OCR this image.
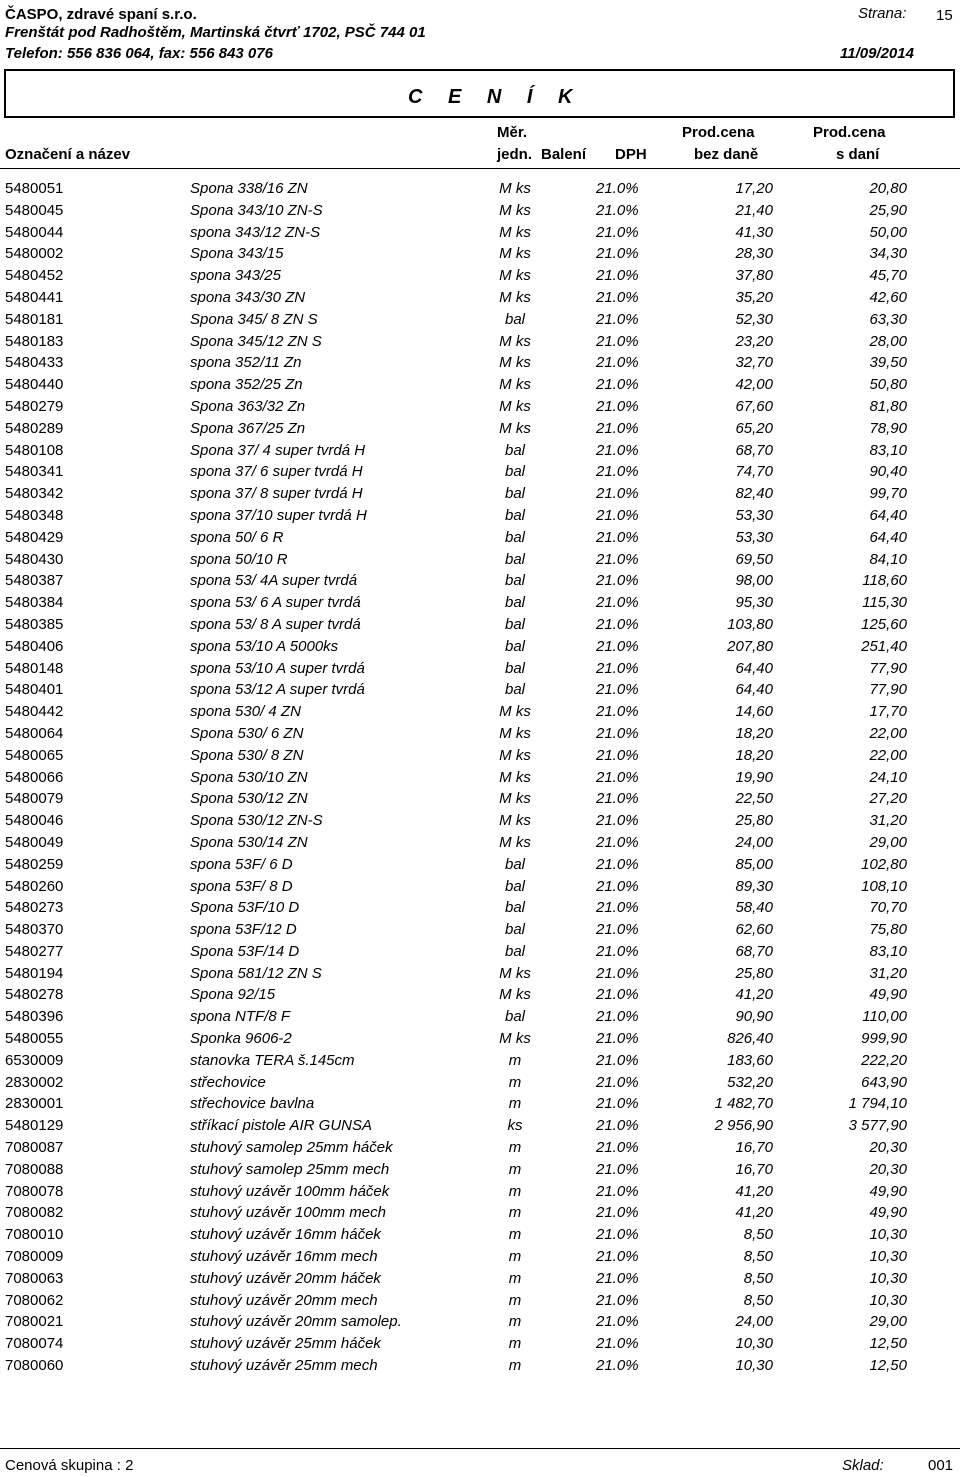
ČASPO, zdravé spaní s.r.o.
Frenštát pod Radhoštěm, Martinská čtvrť 1702, PSČ 744 01
Telefon: 556 836 064, fax: 556 843 076
Strana: 15
11/09/2014
C E N Í K
Označení a název
Měr.
jedn. Balení DPH
Prod.cena
bez daně
Prod.cena
s daní
5480051	Spona 338/16 ZN	M ks	21.0%	17,20	20,80
5480045	Spona 343/10 ZN-S	M ks	21.0%	21,40	25,90
5480044	spona 343/12 ZN-S	M ks	21.0%	41,30	50,00
5480002	Spona 343/15	M ks	21.0%	28,30	34,30
5480452	spona 343/25	M ks	21.0%	37,80	45,70
5480441	spona 343/30 ZN	M ks	21.0%	35,20	42,60
5480181	Spona 345/ 8 ZN S	bal	21.0%	52,30	63,30
5480183	Spona 345/12 ZN S	M ks	21.0%	23,20	28,00
5480433	spona 352/11 Zn	M ks	21.0%	32,70	39,50
5480440	spona 352/25 Zn	M ks	21.0%	42,00	50,80
5480279	Spona 363/32 Zn	M ks	21.0%	67,60	81,80
5480289	Spona 367/25 Zn	M ks	21.0%	65,20	78,90
5480108	Spona 37/ 4 super tvrdá H	bal	21.0%	68,70	83,10
5480341	spona 37/ 6 super tvrdá H	bal	21.0%	74,70	90,40
5480342	spona 37/ 8 super tvrdá H	bal	21.0%	82,40	99,70
5480348	spona 37/10 super tvrdá H	bal	21.0%	53,30	64,40
5480429	spona 50/ 6 R	bal	21.0%	53,30	64,40
5480430	spona 50/10 R	bal	21.0%	69,50	84,10
5480387	spona 53/ 4A super tvrdá	bal	21.0%	98,00	118,60
5480384	spona 53/ 6 A super tvrdá	bal	21.0%	95,30	115,30
5480385	spona 53/ 8 A super tvrdá	bal	21.0%	103,80	125,60
5480406	spona 53/10 A 5000ks	bal	21.0%	207,80	251,40
5480148	spona 53/10 A super tvrdá	bal	21.0%	64,40	77,90
5480401	spona 53/12 A super tvrdá	bal	21.0%	64,40	77,90
5480442	spona 530/ 4 ZN	M ks	21.0%	14,60	17,70
5480064	Spona 530/ 6 ZN	M ks	21.0%	18,20	22,00
5480065	Spona 530/ 8 ZN	M ks	21.0%	18,20	22,00
5480066	Spona 530/10 ZN	M ks	21.0%	19,90	24,10
5480079	Spona 530/12 ZN	M ks	21.0%	22,50	27,20
5480046	Spona 530/12 ZN-S	M ks	21.0%	25,80	31,20
5480049	Spona 530/14 ZN	M ks	21.0%	24,00	29,00
5480259	spona 53F/ 6 D	bal	21.0%	85,00	102,80
5480260	spona 53F/ 8 D	bal	21.0%	89,30	108,10
5480273	Spona 53F/10 D	bal	21.0%	58,40	70,70
5480370	spona 53F/12 D	bal	21.0%	62,60	75,80
5480277	Spona 53F/14 D	bal	21.0%	68,70	83,10
5480194	Spona 581/12 ZN S	M ks	21.0%	25,80	31,20
5480278	Spona 92/15	M ks	21.0%	41,20	49,90
5480396	spona NTF/8 F	bal	21.0%	90,90	110,00
5480055	Sponka 9606-2	M ks	21.0%	826,40	999,90
6530009	stanovka TERA š.145cm	m	21.0%	183,60	222,20
2830002	střechovice	m	21.0%	532,20	643,90
2830001	střechovice bavlna	m	21.0%	1 482,70	1 794,10
5480129	stříkací pistole AIR GUNSA	ks	21.0%	2 956,90	3 577,90
7080087	stuhový samolep 25mm háček	m	21.0%	16,70	20,30
7080088	stuhový samolep 25mm mech	m	21.0%	16,70	20,30
7080078	stuhový uzávěr 100mm háček	m	21.0%	41,20	49,90
7080082	stuhový uzávěr 100mm mech	m	21.0%	41,20	49,90
7080010	stuhový uzávěr 16mm háček	m	21.0%	8,50	10,30
7080009	stuhový uzávěr 16mm mech	m	21.0%	8,50	10,30
7080063	stuhový uzávěr 20mm háček	m	21.0%	8,50	10,30
7080062	stuhový uzávěr 20mm mech	m	21.0%	8,50	10,30
7080021	stuhový uzávěr 20mm samolep.	m	21.0%	24,00	29,00
7080074	stuhový uzávěr 25mm háček	m	21.0%	10,30	12,50
7080060	stuhový uzávěr 25mm mech	m	21.0%	10,30	12,50
Cenová skupina : 2	Sklad:	001
